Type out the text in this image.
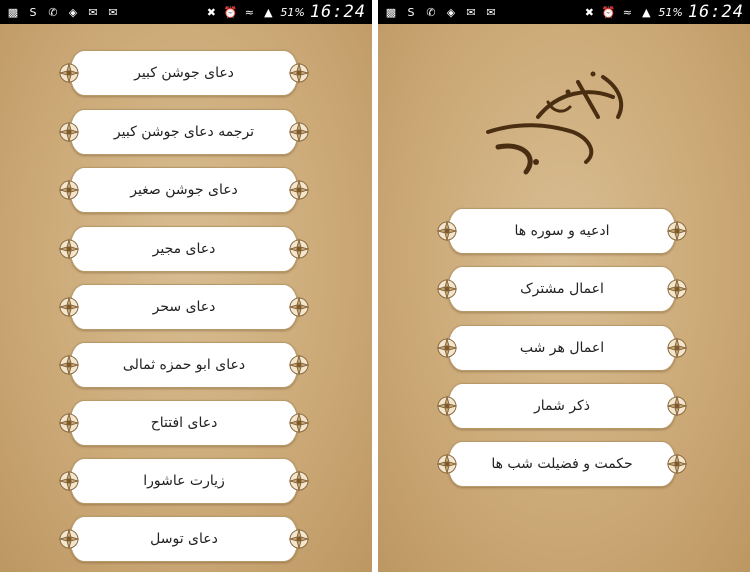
▩	S	✆ ◈ ✉ ✉	✖ ⏰ ≈ ▲ 51% 16:24
دعای جوشن کبیر
ترجمه دعای جوشن کبیر
دعای جوشن صغیر
دعای مجیر
دعای سحر
دعای ابو حمزه ثمالی
دعای افتتاح
زیارت عاشورا
دعای توسل
▩	S	✆ ◈ ✉ ✉	✖ ⏰ ≈ ▲ 51% 16:24
ادعیه و سوره ها
اعمال مشترک
اعمال هر شب
ذکر شمار
حکمت و فضیلت شب ها
